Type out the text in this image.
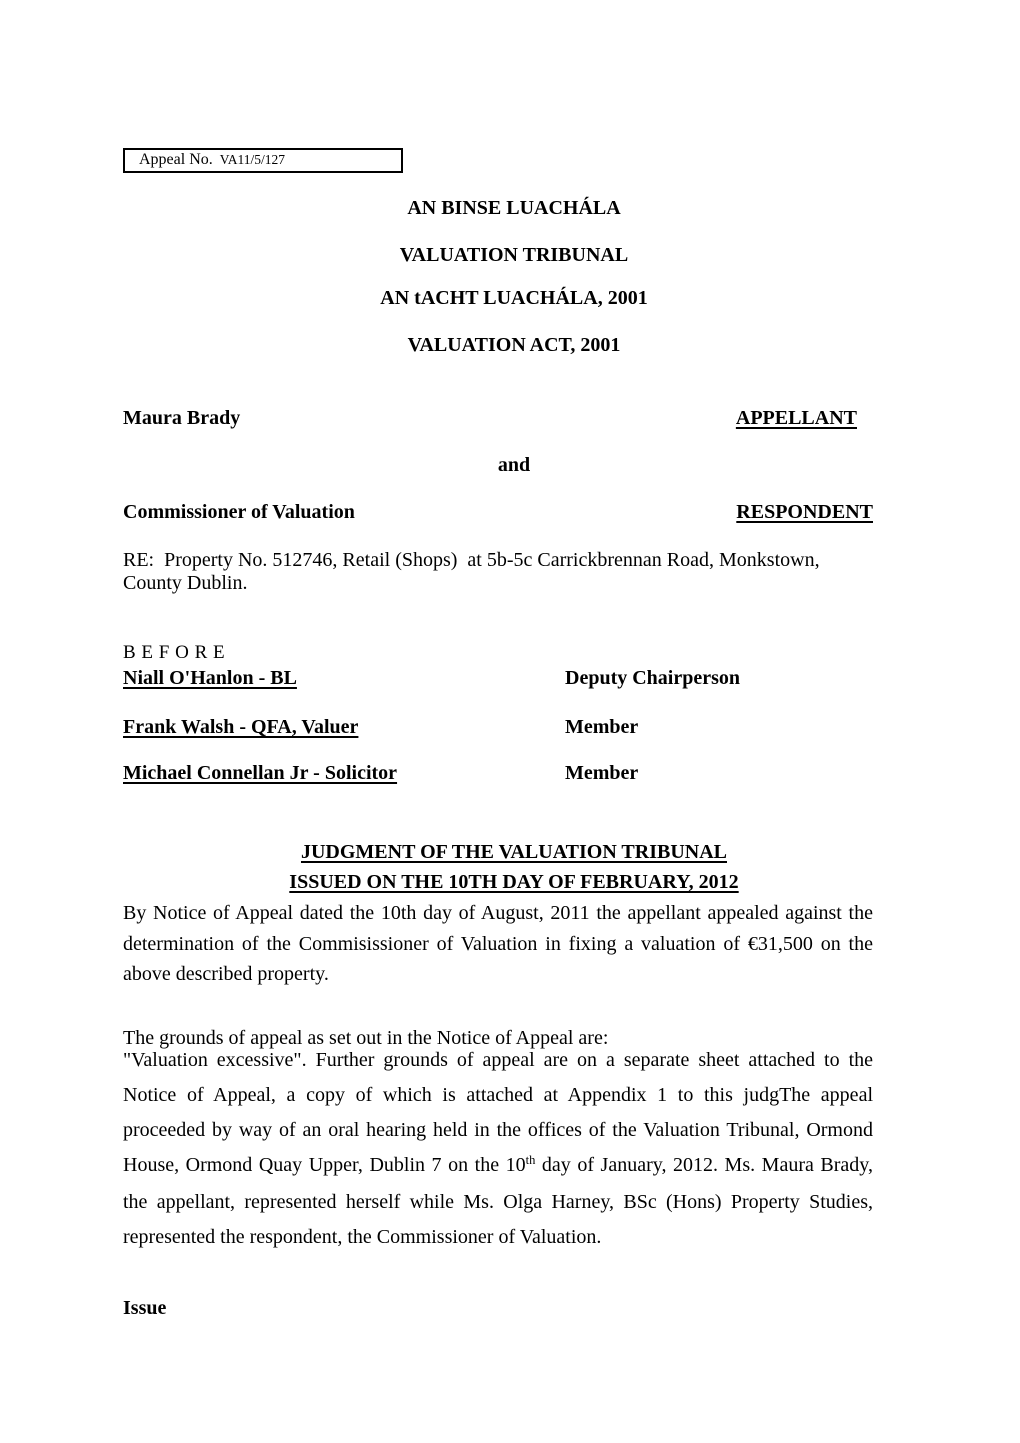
Appeal No. VA11/5/127
AN BINSE LUACHÁLA
VALUATION TRIBUNAL
AN tACHT LUACHÁLA, 2001
VALUATION ACT, 2001
Maura Brady	APPELLANT
and
Commissioner of Valuation	RESPONDENT
RE:  Property No. 512746, Retail (Shops)  at 5b-5c Carrickbrennan Road, Monkstown,
County Dublin.
B E F O R E
Niall O'Hanlon - BL	Deputy Chairperson
Frank Walsh - QFA, Valuer	Member
Michael Connellan Jr - Solicitor	Member
JUDGMENT OF THE VALUATION TRIBUNAL
ISSUED ON THE 10TH DAY OF FEBRUARY, 2012
By Notice of Appeal dated the 10th day of August, 2011 the appellant appealed against the
determination of the Commisissioner of Valuation in fixing a valuation of €31,500 on the
above described property.
The grounds of appeal as set out in the Notice of Appeal are:
"Valuation excessive". Further grounds of appeal are on a separate sheet attached to the
Notice of Appeal, a copy of which is attached at Appendix 1 to this judgThe appeal
proceeded by way of an oral hearing held in the offices of the Valuation Tribunal, Ormond
House, Ormond Quay Upper, Dublin 7 on the 10th day of January, 2012. Ms. Maura Brady,
the appellant, represented herself while Ms. Olga Harney, BSc (Hons) Property Studies,
represented the respondent, the Commissioner of Valuation.
Issue
